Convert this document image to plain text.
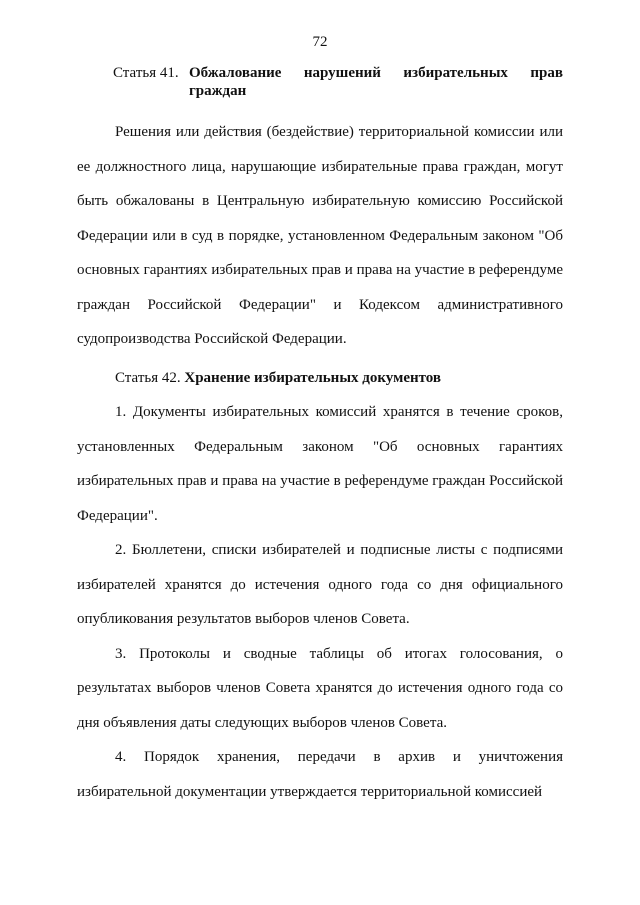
72
Статья 41. Обжалование нарушений избирательных прав
граждан

Решения или действия (бездействие) территориальной комиссии или ее должностного лица, нарушающие избирательные права граждан, могут быть обжалованы в Центральную избирательную комиссию Российской Федерации или в суд в порядке, установленном Федеральным законом "Об основных гарантиях избирательных прав и права на участие в референдуме граждан Российской Федерации" и Кодексом административного судопроизводства Российской Федерации.

Статья 42. Хранение избирательных документов

1. Документы избирательных комиссий хранятся в течение сроков, установленных Федеральным законом "Об основных гарантиях избирательных прав и права на участие в референдуме граждан Российской Федерации".

2. Бюллетени, списки избирателей и подписные листы с подписями избирателей хранятся до истечения одного года со дня официального опубликования результатов выборов членов Совета.

3. Протоколы и сводные таблицы об итогах голосования, о результатах выборов членов Совета хранятся до истечения одного года со дня объявления даты следующих выборов членов Совета.

4. Порядок хранения, передачи в архив и уничтожения избирательной документации утверждается территориальной комиссией
